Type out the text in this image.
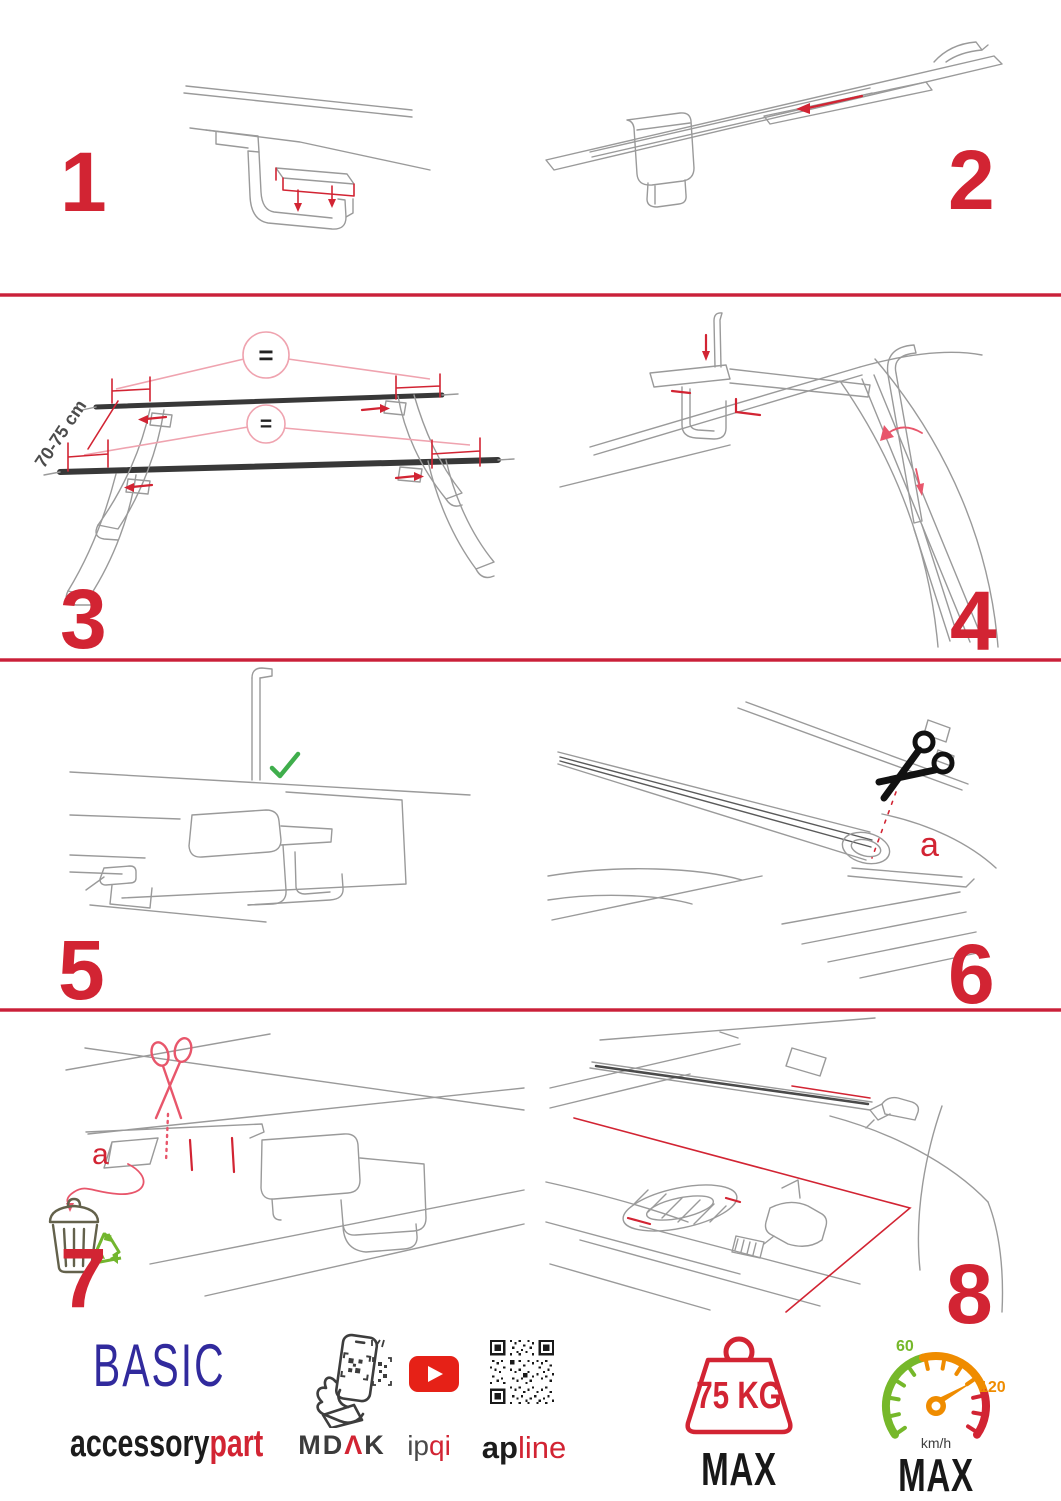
1	2
=
=
70-75 cm
3	4
5
a
6
a
7	8
BASIC
accessorypart MDΛK ipqi apline
75 KG
MAX
60
120
km/h
MAX
